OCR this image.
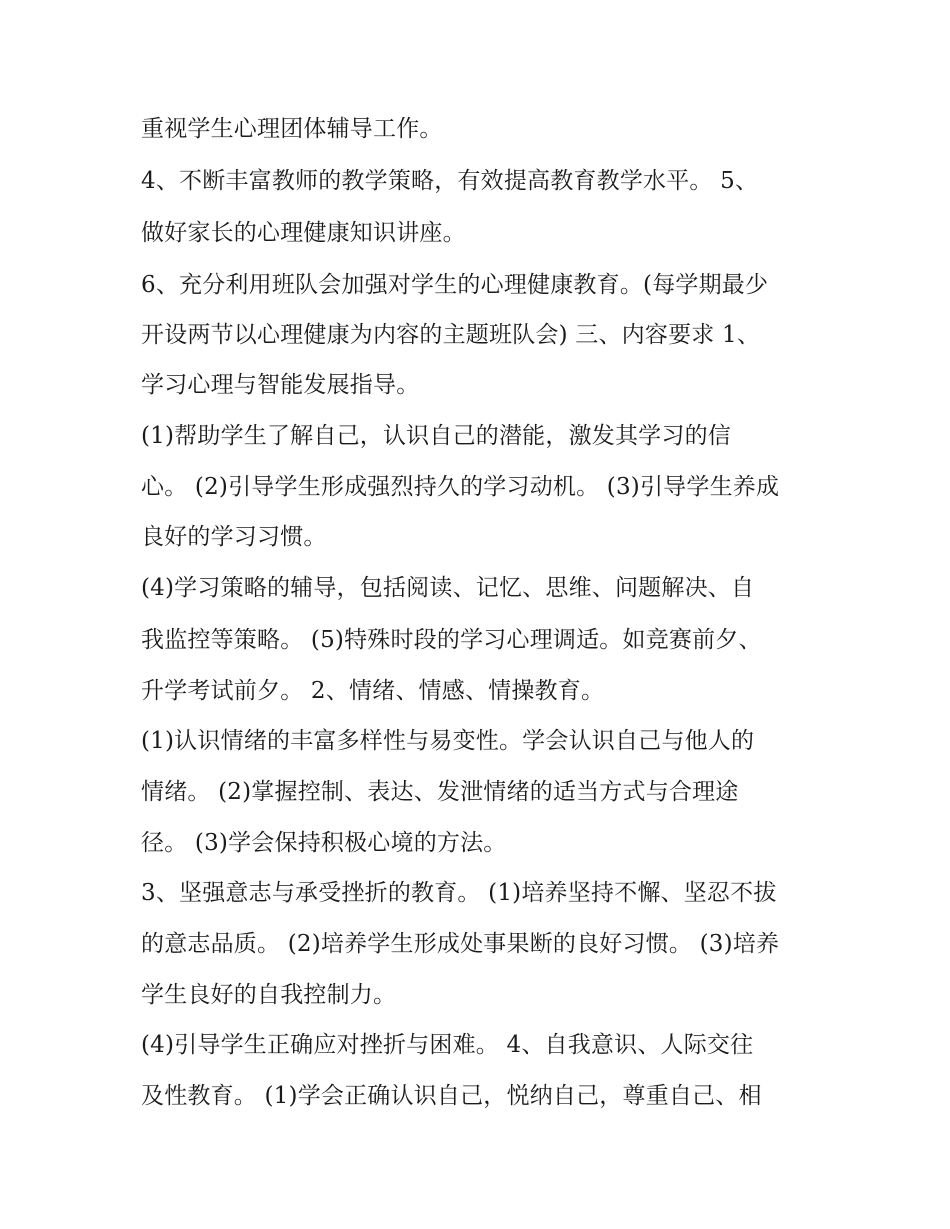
重视学生心理团体辅导工作。
4、不断丰富教师的教学策略，有效提高教育教学水平。 5、
做好家长的心理健康知识讲座。
6、充分利用班队会加强对学生的心理健康教育。(每学期最少
开设两节以心理健康为内容的主题班队会) 三、内容要求 1、
学习心理与智能发展指导。
(1)帮助学生了解自己，认识自己的潜能，激发其学习的信
心。 (2)引导学生形成强烈持久的学习动机。 (3)引导学生养成
良好的学习习惯。
(4)学习策略的辅导，包括阅读、记忆、思维、问题解决、自
我监控等策略。 (5)特殊时段的学习心理调适。如竞赛前夕、
升学考试前夕。 2、情绪、情感、情操教育。
(1)认识情绪的丰富多样性与易变性。学会认识自己与他人的
情绪。 (2)掌握控制、表达、发泄情绪的适当方式与合理途
径。 (3)学会保持积极心境的方法。
3、坚强意志与承受挫折的教育。 (1)培养坚持不懈、坚忍不拔
的意志品质。 (2)培养学生形成处事果断的良好习惯。 (3)培养
学生良好的自我控制力。
(4)引导学生正确应对挫折与困难。 4、自我意识、人际交往
及性教育。 (1)学会正确认识自己，悦纳自己，尊重自己、相
